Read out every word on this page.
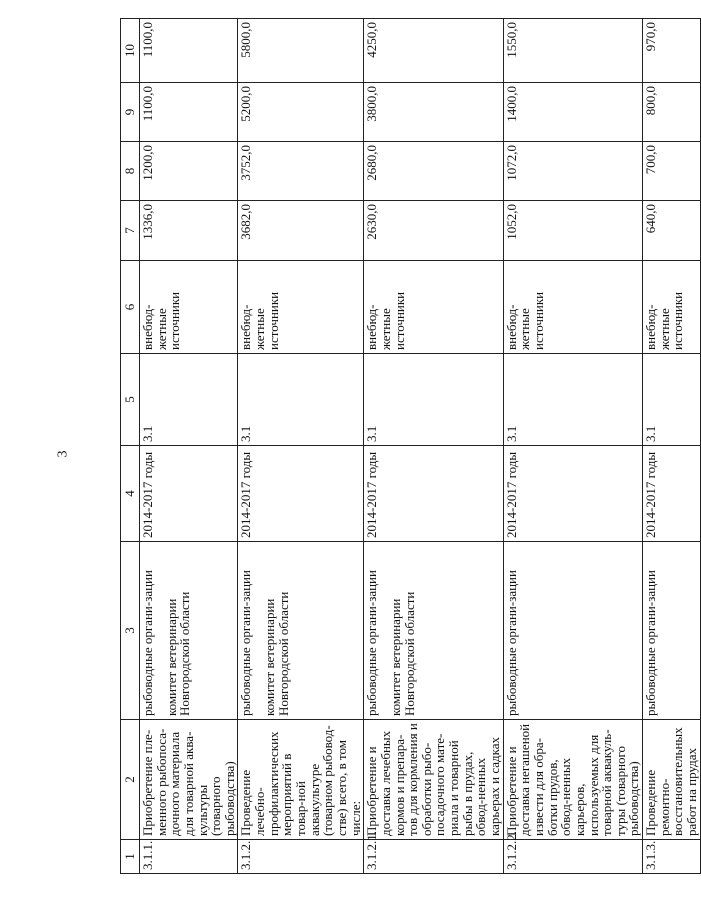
3
1	2	3	4	5	6	7	8	9	10
3.1.1.	Приобретение пле-менного рыбопоса-дочного материала для товарной аква-культуры (товарного рыбоводства)	рыбоводные органи-зации комитет ветеринарии Новгородской области	2014-2017 годы	3.1	внебюд-жетные источники	1336,0	1200,0	1100,0	1100,0
3.1.2.	Проведение лечебно-профилактических мероприятий в товар-ной аквакультуре (товарном рыбовод-стве) всего, в том числе:	рыбоводные органи-зации комитет ветеринарии Новгородской области	2014-2017 годы	3.1	внебюд-жетные источники	3682,0	3752,0	5200,0	5800,0
3.1.2.1.	Приобретение и доставка лечебных кормов и препара-тов для кормления и обработки рыбо-посадочного мате-риала и товарной рыбы в прудах, обвод-ненных карьерах и садках	рыбоводные органи-зации комитет ветеринарии Новгородской области	2014-2017 годы	3.1	внебюд-жетные источники	2630,0	2680,0	3800,0	4250,0
3.1.2.2.	Приобретение и доставка негашеной извести для обра-ботки прудов, обвод-ненных карьеров, используемых для товарной аквакуль-туры (товарного рыбоводства)	рыбоводные органи-зации	2014-2017 годы	3.1	внебюд-жетные источники	1052,0	1072,0	1400,0	1550,0
3.1.3.	Проведение ремонтно-восстановительных работ на прудах	рыбоводные органи-зации	2014-2017 годы	3.1	внебюд-жетные источники	640,0	700,0	800,0	970,0
